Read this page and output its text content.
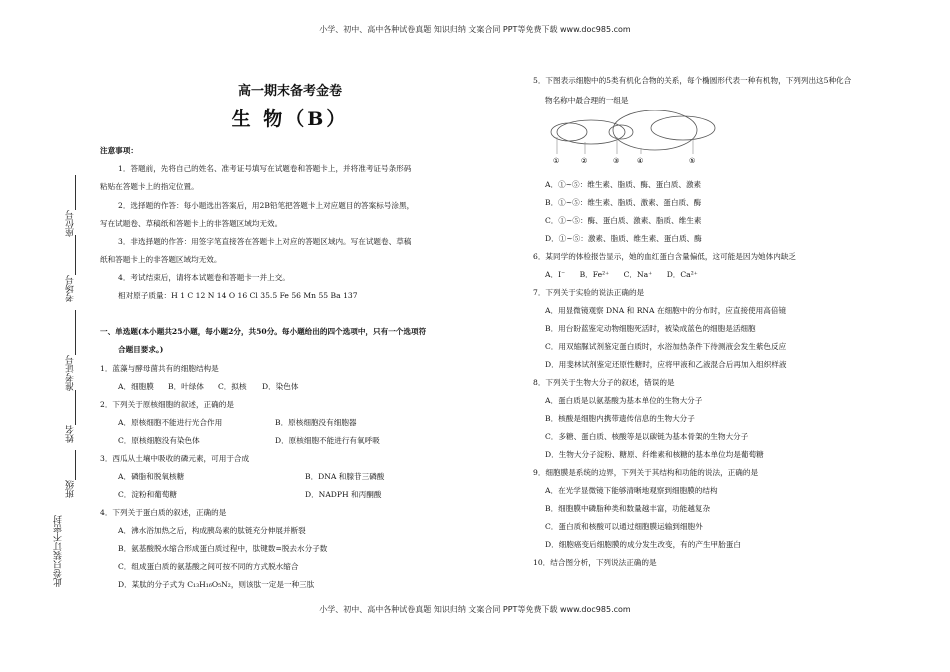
小学、初中、高中各种试卷真题 知识归纳 文案合同 PPT等免费下载 www.doc985.com
小学、初中、高中各种试卷真题 知识归纳 文案合同 PPT等免费下载 www.doc985.com
座位号
考场号
准考证号
姓名
班级
此卷只装订不密封
高一期末备考金卷
生 物（B）
注意事项：
1．答题前，先将自己的姓名、准考证号填写在试题卷和答题卡上，并将准考证号条形码
粘贴在答题卡上的指定位置。
2．选择题的作答：每小题选出答案后，用2B铅笔把答题卡上对应题目的答案标号涂黑，
写在试题卷、草稿纸和答题卡上的非答题区域均无效。
3．非选择题的作答：用签字笔直接答在答题卡上对应的答题区域内。写在试题卷、草稿
纸和答题卡上的非答题区域均无效。
4．考试结束后，请将本试题卷和答题卡一并上交。
相对原子质量：H 1 C 12 N 14 O 16 Cl 35.5 Fe 56 Mn 55 Ba 137
一、单选题(本小题共25小题，每小题2分，共50分。每小题给出的四个选项中，只有一个选项符
合题目要求。)
1．蓝藻与酵母菌共有的细胞结构是
A．细胞膜 B．叶绿体 C．拟核 D．染色体
2．下列关于原核细胞的叙述，正确的是
A．原核细胞不能进行光合作用	B．原核细胞没有细胞器
C．原核细胞没有染色体	D．原核细胞不能进行有氧呼吸
3．西瓜从土壤中吸收的磷元素，可用于合成
A．磷脂和脱氧核糖	B．DNA 和腺苷三磷酸
C．淀粉和葡萄糖	D．NADPH 和丙酮酸
4．下列关于蛋白质的叙述，正确的是
A．沸水浴加热之后，构成胰岛素的肽链充分伸展并断裂
B．氨基酸脱水缩合形成蛋白质过程中，肽键数=脱去水分子数
C．组成蛋白质的氨基酸之间可按不同的方式脱水缩合
D．某肽的分子式为 C₁₃H₁₆O₅N₂，则该肽一定是一种三肽
5．下图表示细胞中的5类有机化合物的关系，每个椭圆形代表一种有机物，下列列出这5种化合
物名称中最合理的一组是
①	②	③	④	⑤
A．①~⑤：维生素、脂质、酶、蛋白质、激素
B．①~⑤：维生素、脂质、激素、蛋白质、酶
C．①~⑤：酶、蛋白质、激素、脂质、维生素
D．①~⑤：激素、脂质、维生素、蛋白质、酶
6．某同学的体检报告显示，她的血红蛋白含量偏低，这可能是因为她体内缺乏
A．I⁻      B．Fe²⁺      C．Na⁺      D．Ca²⁺
7．下列关于实验的说法正确的是
A．用显微镜观察 DNA 和 RNA 在细胞中的分布时，应直接使用高倍镜
B．用台盼蓝鉴定动物细胞死活时，被染成蓝色的细胞是活细胞
C．用双缩脲试剂鉴定蛋白质时，水浴加热条件下待测液会发生紫色反应
D．用斐林试剂鉴定还原性糖时，应将甲液和乙液混合后再加入组织样液
8．下列关于生物大分子的叙述，错误的是
A．蛋白质是以氨基酸为基本单位的生物大分子
B．核酸是细胞内携带遗传信息的生物大分子
C．多糖、蛋白质、核酸等是以碳链为基本骨架的生物大分子
D．生物大分子淀粉、糖原、纤维素和核糖的基本单位均是葡萄糖
9．细胞膜是系统的边界，下列关于其结构和功能的说法，正确的是
A．在光学显微镜下能够清晰地观察到细胞膜的结构
B．细胞膜中磷脂种类和数量越丰富，功能越复杂
C．蛋白质和核酸可以通过细胞膜运输到细胞外
D．细胞癌变后细胞膜的成分发生改变，有的产生甲胎蛋白
10．结合图分析，下列说法正确的是
